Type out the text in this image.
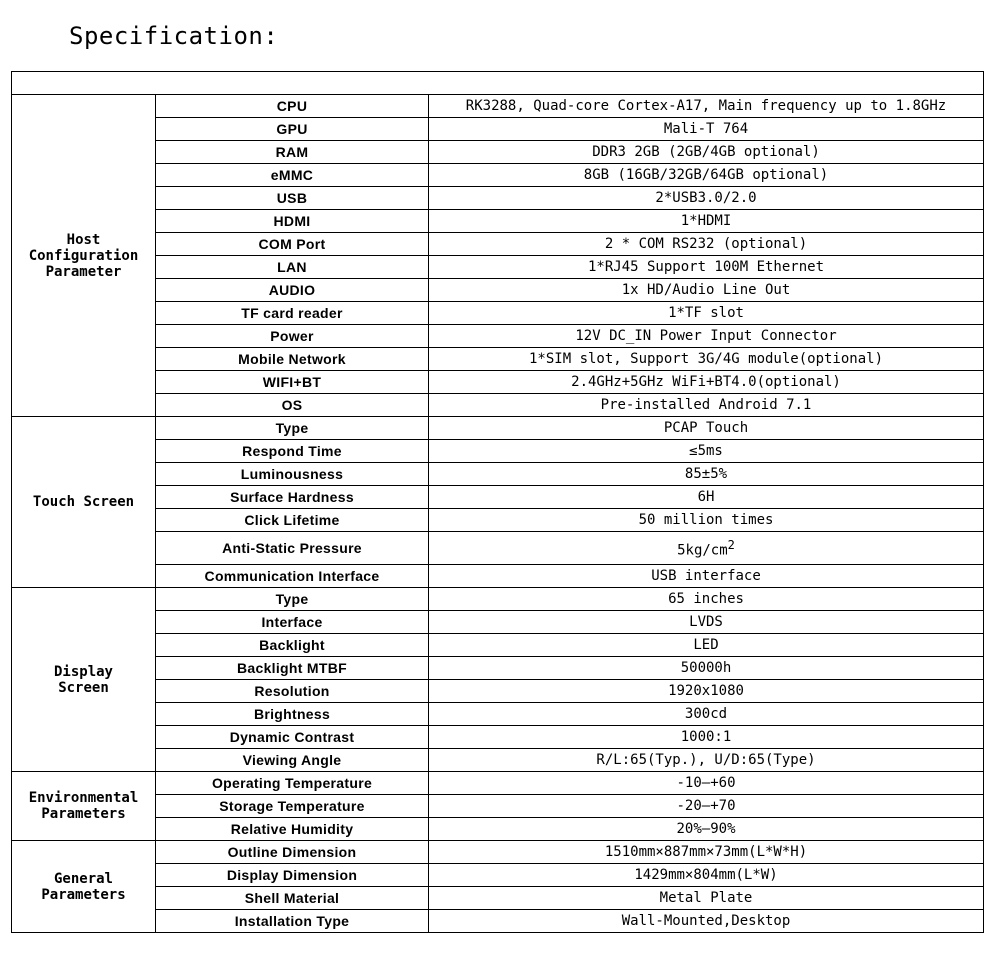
Specification:

Host
Configuration
Parameter	CPU	RK3288, Quad-core Cortex-A17, Main frequency up to 1.8GHz
	GPU	Mali-T 764
	RAM	DDR3 2GB (2GB/4GB optional)
	eMMC	8GB (16GB/32GB/64GB optional)
	USB	2*USB3.0/2.0
	HDMI	1*HDMI
	COM Port	2 * COM RS232 (optional)
	LAN	1*RJ45 Support 100M Ethernet
	AUDIO	1x HD/Audio Line Out
	TF card reader	1*TF slot
	Power	12V DC_IN Power Input Connector
	Mobile Network	1*SIM slot, Support 3G/4G module(optional)
	WIFI+BT	2.4GHz+5GHz WiFi+BT4.0(optional)
	OS	Pre-installed Android 7.1
Touch Screen	Type	PCAP Touch
	Respond Time	≤5ms
	Luminousness	85±5%
	Surface Hardness	6H
	Click Lifetime	50 million times
	Anti-Static Pressure	$5kg/cm^2$
	Communication Interface	USB interface
Display
Screen	Type	65 inches
	Interface	LVDS
	Backlight	LED
	Backlight MTBF	50000h
	Resolution	1920x1080
	Brightness	300cd
	Dynamic Contrast	1000:1
	Viewing Angle	R/L:65(Typ.), U/D:65(Type)
Environmental
Parameters	Operating Temperature	-10—+60
	Storage Temperature	-20—+70
	Relative Humidity	20%—90%
General
Parameters	Outline Dimension	1510mm×887mm×73mm(L*W*H)
	Display Dimension	1429mm×804mm(L*W)
	Shell Material	Metal Plate
	Installation Type	Wall-Mounted,Desktop
